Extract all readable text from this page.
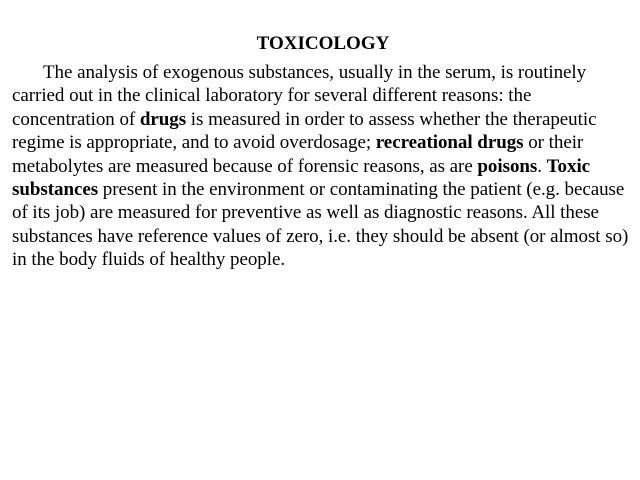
TOXICOLOGY

The analysis of exogenous substances, usually in the serum, is routinely carried out in the clinical laboratory for several different reasons: the concentration of drugs is measured in order to assess whether the therapeutic regime is appropriate, and to avoid overdosage; recreational drugs or their metabolytes are measured because of forensic reasons, as are poisons. Toxic substances present in the environment or contaminating the patient (e.g. because of its job) are measured for preventive as well as diagnostic reasons. All these substances have reference values of zero, i.e. they should be absent (or almost so) in the body fluids of healthy people.
